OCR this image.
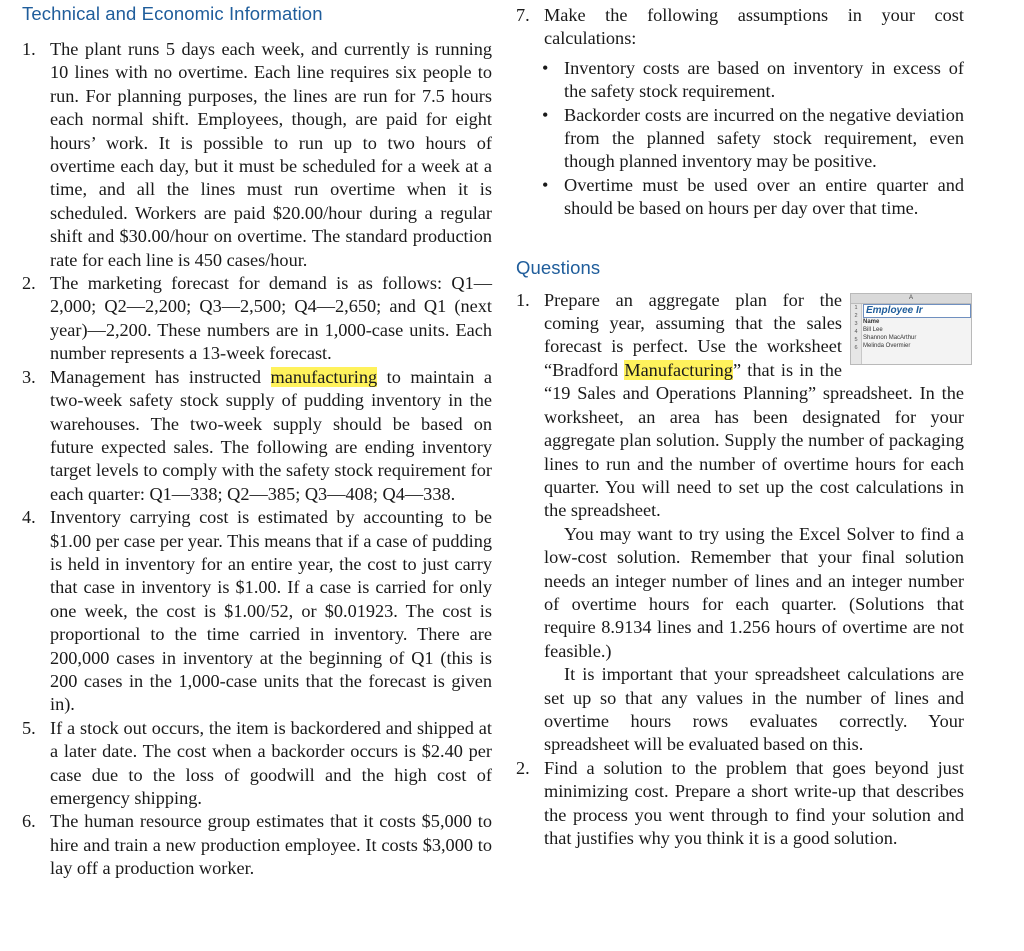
Technical and Economic Information
1. The plant runs 5 days each week, and currently is running 10 lines with no overtime. Each line requires six people to run. For planning purposes, the lines are run for 7.5 hours each normal shift. Employees, though, are paid for eight hours’ work. It is possible to run up to two hours of overtime each day, but it must be scheduled for a week at a time, and all the lines must run overtime when it is scheduled. Workers are paid $20.00/hour during a regular shift and $30.00/hour on overtime. The standard production rate for each line is 450 cases/hour.
2. The marketing forecast for demand is as follows: Q1—2,000; Q2—2,200; Q3—2,500; Q4—2,650; and Q1 (next year)—2,200. These numbers are in 1,000-case units. Each number represents a 13-week forecast.
3. Management has instructed manufacturing to maintain a two-week safety stock supply of pudding inventory in the warehouses. The two-week supply should be based on future expected sales. The following are ending inventory target levels to comply with the safety stock requirement for each quarter: Q1—338; Q2—385; Q3—408; Q4—338.
4. Inventory carrying cost is estimated by accounting to be $1.00 per case per year. This means that if a case of pudding is held in inventory for an entire year, the cost to just carry that case in inventory is $1.00. If a case is carried for only one week, the cost is $1.00/52, or $0.01923. The cost is proportional to the time carried in inventory. There are 200,000 cases in inventory at the beginning of Q1 (this is 200 cases in the 1,000-case units that the forecast is given in).
5. If a stock out occurs, the item is backordered and shipped at a later date. The cost when a backorder occurs is $2.40 per case due to the loss of goodwill and the high cost of emergency shipping.
6. The human resource group estimates that it costs $5,000 to hire and train a new production employee. It costs $3,000 to lay off a production worker.
7. Make the following assumptions in your cost calculations:
• Inventory costs are based on inventory in excess of the safety stock requirement.
• Backorder costs are incurred on the negative deviation from the planned safety stock requirement, even though planned inventory may be positive.
• Overtime must be used over an entire quarter and should be based on hours per day over that time.
Questions
1.	A
1
2
3
4
5
6
Employee Ir
Name
Bill Lee
Shannon MacArthur
Melinda Overmier
Prepare an aggregate plan for the coming year, assuming that the sales forecast is perfect. Use the worksheet “Bradford Manufacturing” that is in the “19 Sales and Operations Planning” spreadsheet. In the worksheet, an area has been designated for your aggregate plan solution. Supply the number of packaging lines to run and the number of overtime hours for each quarter. You will need to set up the cost calculations in the spreadsheet.

You may want to try using the Excel Solver to find a low-cost solution. Remember that your final solution needs an integer number of lines and an integer number of overtime hours for each quarter. (Solutions that require 8.9134 lines and 1.256 hours of overtime are not feasible.)

It is important that your spreadsheet calculations are set up so that any values in the number of lines and overtime hours rows evaluates correctly. Your spreadsheet will be evaluated based on this.

2. Find a solution to the problem that goes beyond just minimizing cost. Prepare a short write-up that describes the process you went through to find your solution and that justifies why you think it is a good solution.
